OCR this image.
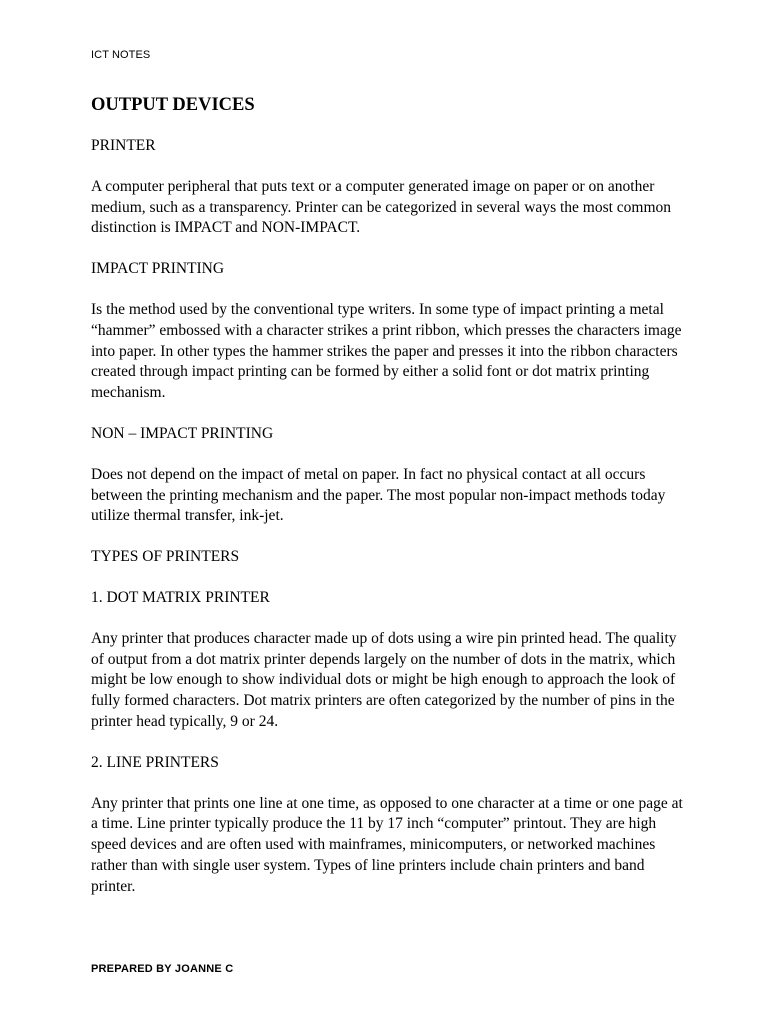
ICT NOTES
OUTPUT DEVICES
PRINTER
A computer peripheral that puts text or a computer generated image on paper or on another medium, such as a transparency. Printer can be categorized in several ways the most common distinction is IMPACT and NON-IMPACT.
IMPACT PRINTING
Is the method used by the conventional type writers. In some type of impact printing a metal “hammer” embossed with a character strikes a print ribbon, which presses the characters image into paper. In other types the hammer strikes the paper and presses it into the ribbon characters created through impact printing can be formed by either a solid font or dot matrix printing mechanism.
NON – IMPACT PRINTING
Does not depend on the impact of metal on paper. In fact no physical contact at all occurs between the printing mechanism and the paper. The most popular non-impact methods today utilize thermal transfer, ink-jet.
TYPES OF PRINTERS
1. DOT MATRIX PRINTER
Any printer that produces character made up of dots using a wire pin printed head. The quality of output from a dot matrix printer depends largely on the number of dots in the matrix, which might be low enough to show individual dots or might be high enough to approach the look of fully formed characters. Dot matrix printers are often categorized by the number of pins in the printer head typically, 9 or 24.
2. LINE PRINTERS
Any printer that prints one line at one time, as opposed to one character at a time or one page at a time. Line printer typically produce the 11 by 17 inch “computer” printout. They are high speed devices and are often used with mainframes, minicomputers, or networked machines rather than with single user system. Types of line printers include chain printers and band printer.
PREPARED BY JOANNE C
